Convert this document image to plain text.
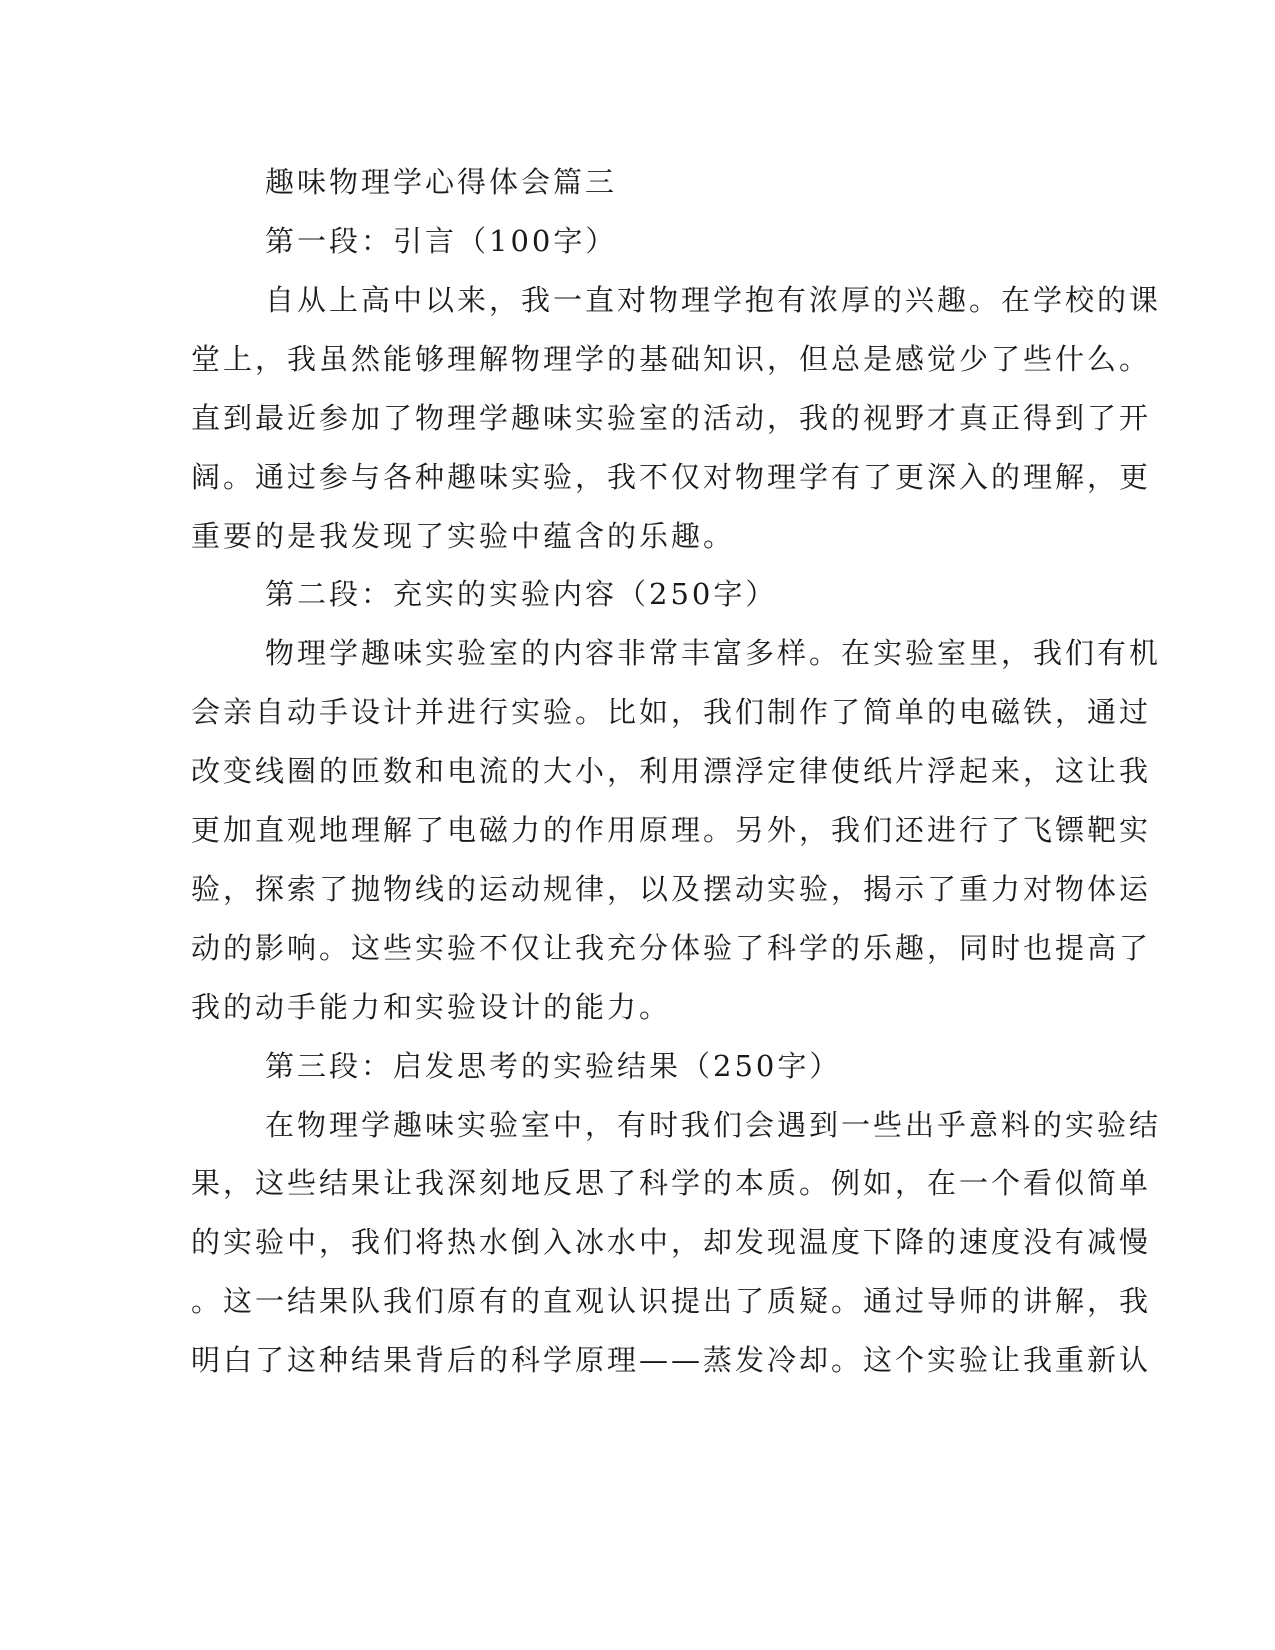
趣味物理学心得体会篇三
第一段：引言（100字）
自从上高中以来，我一直对物理学抱有浓厚的兴趣。在学校的课
堂上，我虽然能够理解物理学的基础知识，但总是感觉少了些什么。
直到最近参加了物理学趣味实验室的活动，我的视野才真正得到了开
阔。通过参与各种趣味实验，我不仅对物理学有了更深入的理解，更
重要的是我发现了实验中蕴含的乐趣。
第二段：充实的实验内容（250字）
物理学趣味实验室的内容非常丰富多样。在实验室里，我们有机
会亲自动手设计并进行实验。比如，我们制作了简单的电磁铁，通过
改变线圈的匝数和电流的大小，利用漂浮定律使纸片浮起来，这让我
更加直观地理解了电磁力的作用原理。另外，我们还进行了飞镖靶实
验，探索了抛物线的运动规律，以及摆动实验，揭示了重力对物体运
动的影响。这些实验不仅让我充分体验了科学的乐趣，同时也提高了
我的动手能力和实验设计的能力。
第三段：启发思考的实验结果（250字）
在物理学趣味实验室中，有时我们会遇到一些出乎意料的实验结
果，这些结果让我深刻地反思了科学的本质。例如，在一个看似简单
的实验中，我们将热水倒入冰水中，却发现温度下降的速度没有减慢
。这一结果队我们原有的直观认识提出了质疑。通过导师的讲解，我
明白了这种结果背后的科学原理——蒸发冷却。这个实验让我重新认
